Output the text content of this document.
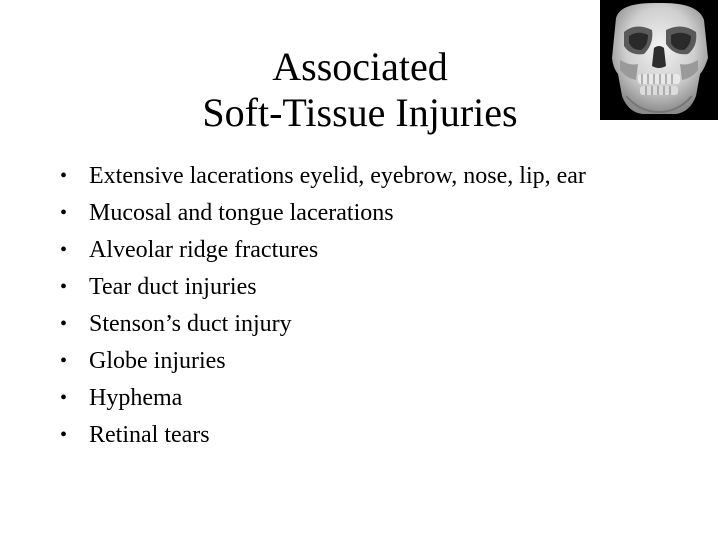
Associated
Soft-Tissue Injuries
• Extensive lacerations eyelid, eyebrow, nose, lip, ear
• Mucosal and tongue lacerations
• Alveolar ridge fractures
• Tear duct injuries
• Stenson’s duct injury
• Globe injuries
• Hyphema
• Retinal tears
